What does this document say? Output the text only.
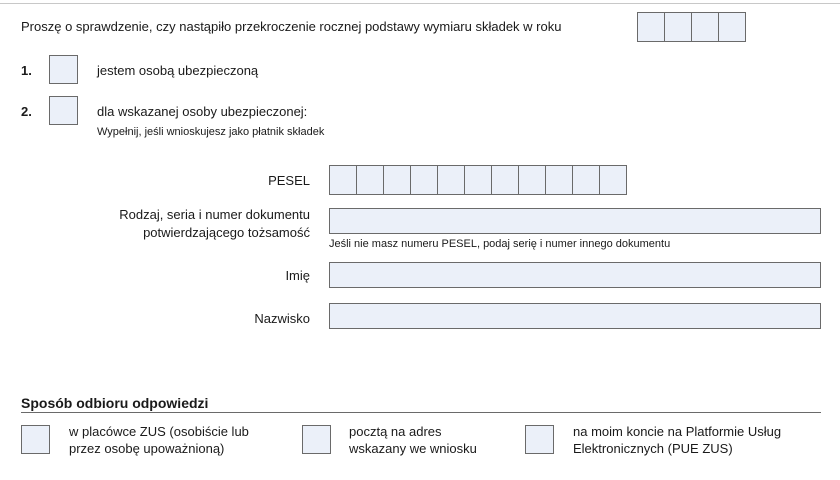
Proszę o sprawdzenie, czy nastąpiło przekroczenie rocznej podstawy wymiaru składek w roku
1.	jestem osobą ubezpieczoną
2.	dla wskazanej osoby ubezpieczonej:
Wypełnij, jeśli wnioskujesz jako płatnik składek
PESEL
Rodzaj, seria i numer dokumentu
potwierdzającego tożsamość
Jeśli nie masz numeru PESEL, podaj serię i numer innego dokumentu
Imię
Nazwisko
Sposób odbioru odpowiedzi
w placówce ZUS (osobiście lub
przez osobę upoważnioną)
pocztą na adres
wskazany we wniosku
na moim koncie na Platformie Usług
Elektronicznych (PUE ZUS)
